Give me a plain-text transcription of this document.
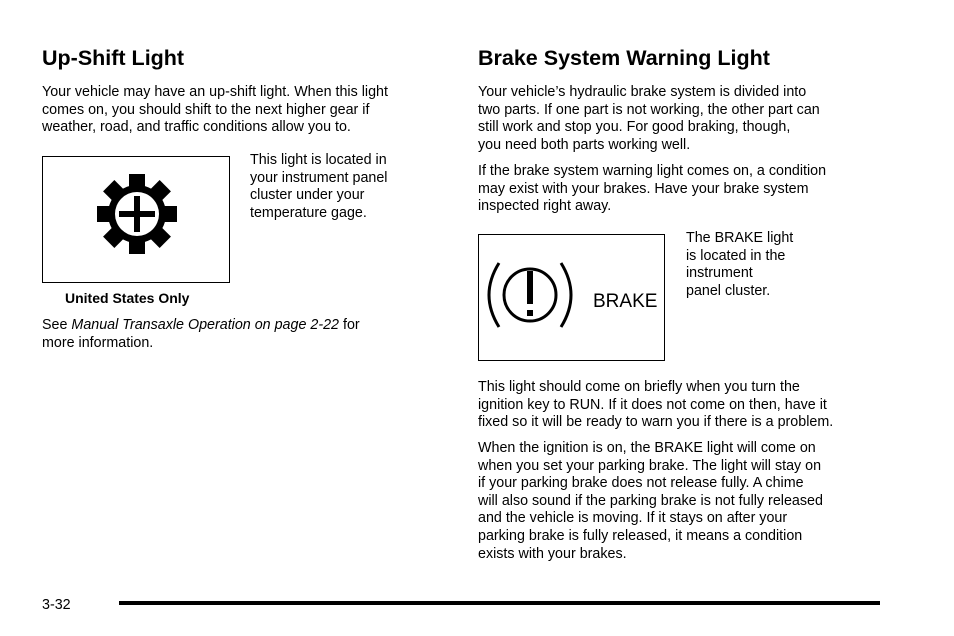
Up-Shift Light

Your vehicle may have an up-shift light. When this light
comes on, you should shift to the next higher gear if
weather, road, and traffic conditions allow you to.

This light is located in
your instrument panel
cluster under your
temperature gage.

United States Only

See Manual Transaxle Operation on page 2-22 for
more information.

Brake System Warning Light

Your vehicle’s hydraulic brake system is divided into
two parts. If one part is not working, the other part can
still work and stop you. For good braking, though,
you need both parts working well.

If the brake system warning light comes on, a condition
may exist with your brakes. Have your brake system
inspected right away.

BRAKE

The BRAKE light
is located in the
instrument
panel cluster.

This light should come on briefly when you turn the
ignition key to RUN. If it does not come on then, have it
fixed so it will be ready to warn you if there is a problem.

When the ignition is on, the BRAKE light will come on
when you set your parking brake. The light will stay on
if your parking brake does not release fully. A chime
will also sound if the parking brake is not fully released
and the vehicle is moving. If it stays on after your
parking brake is fully released, it means a condition
exists with your brakes.

3-32
